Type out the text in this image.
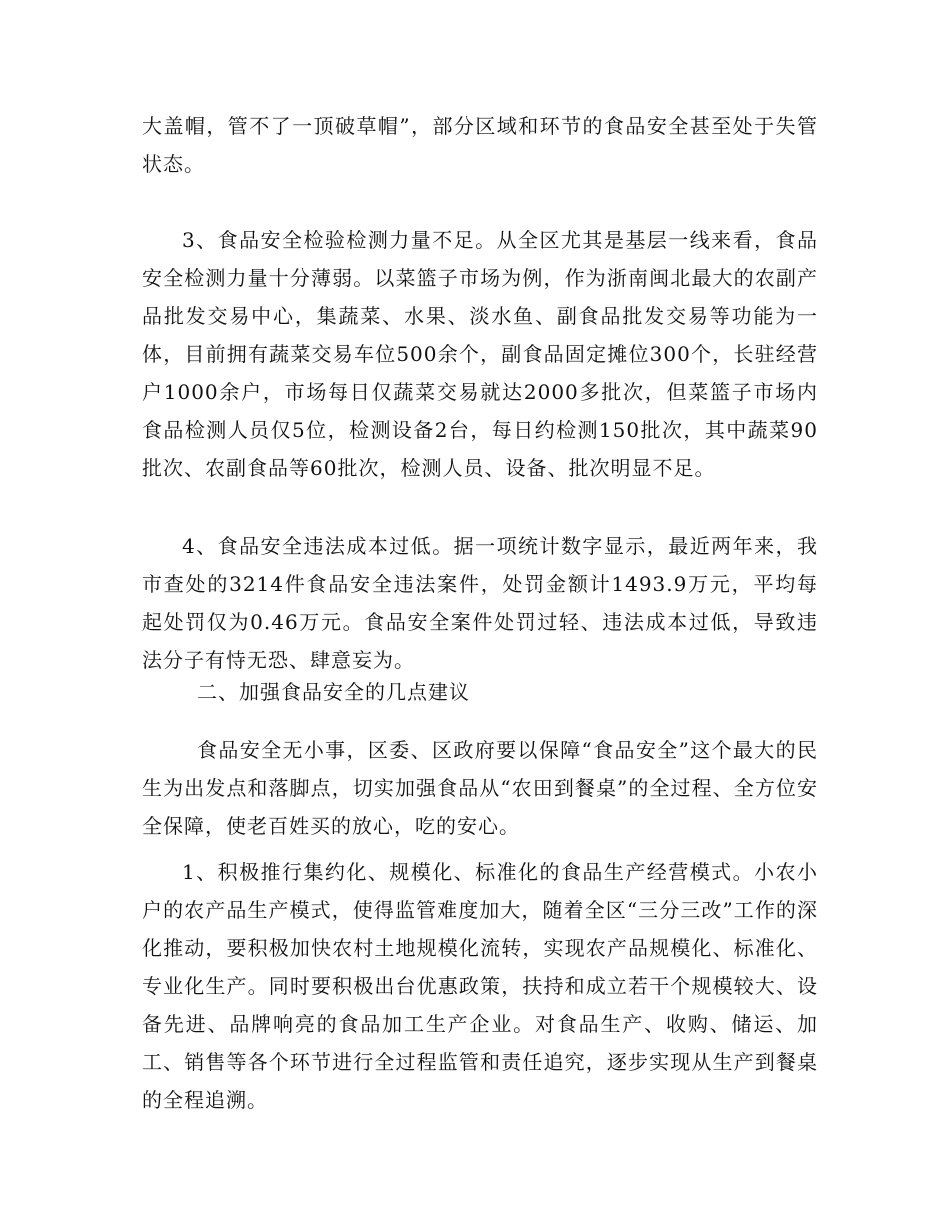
大盖帽，管不了一顶破草帽”，部分区域和环节的食品安全甚至处于失管状态。

3、食品安全检验检测力量不足。从全区尤其是基层一线来看，食品安全检测力量十分薄弱。以菜篮子市场为例，作为浙南闽北最大的农副产品批发交易中心，集蔬菜、水果、淡水鱼、副食品批发交易等功能为一体，目前拥有蔬菜交易车位500余个，副食品固定摊位300个，长驻经营户1000余户，市场每日仅蔬菜交易就达2000多批次，但菜篮子市场内食品检测人员仅5位，检测设备2台，每日约检测150批次，其中蔬菜90批次、农副食品等60批次，检测人员、设备、批次明显不足。

4、食品安全违法成本过低。据一项统计数字显示，最近两年来，我市查处的3214件食品安全违法案件，处罚金额计1493.9万元，平均每起处罚仅为0.46万元。食品安全案件处罚过轻、违法成本过低，导致违法分子有恃无恐、肆意妄为。

二、加强食品安全的几点建议

食品安全无小事，区委、区政府要以保障“食品安全”这个最大的民生为出发点和落脚点，切实加强食品从“农田到餐桌”的全过程、全方位安全保障，使老百姓买的放心，吃的安心。

1、积极推行集约化、规模化、标准化的食品生产经营模式。小农小户的农产品生产模式，使得监管难度加大，随着全区“三分三改”工作的深化推动，要积极加快农村土地规模化流转，实现农产品规模化、标准化、专业化生产。同时要积极出台优惠政策，扶持和成立若干个规模较大、设备先进、品牌响亮的食品加工生产企业。对食品生产、收购、储运、加工、销售等各个环节进行全过程监管和责任追究，逐步实现从生产到餐桌的全程追溯。
